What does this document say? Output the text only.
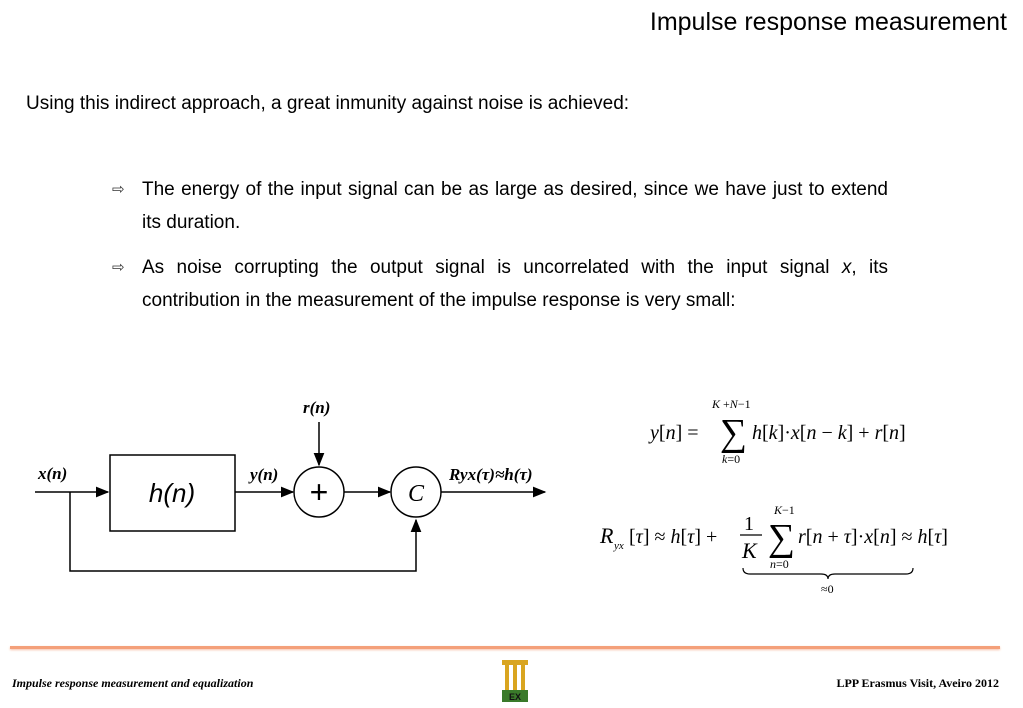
Impulse response measurement
Using this indirect approach, a great inmunity against noise is achieved:
⇨ The energy of the input signal can be as large as desired, since we have just to extend its duration.
⇨ As noise corrupting the output signal is uncorrelated with the input signal x, its contribution in the measurement of the impulse response is very small:
x(n)
h(n)
y(n)
r(n)
+	C
Ryx(τ)≈h(τ)
y[n] =
K +N−1
∑
k=0
h[k]·x[n − k] + r[n]
R yx [τ] ≈ h[τ] +
1
K
K−1
∑
n=0
r[n + τ]·x[n] ≈ h[τ]
≈0
Impulse response measurement and equalization
EX
LPP Erasmus Visit, Aveiro 2012
